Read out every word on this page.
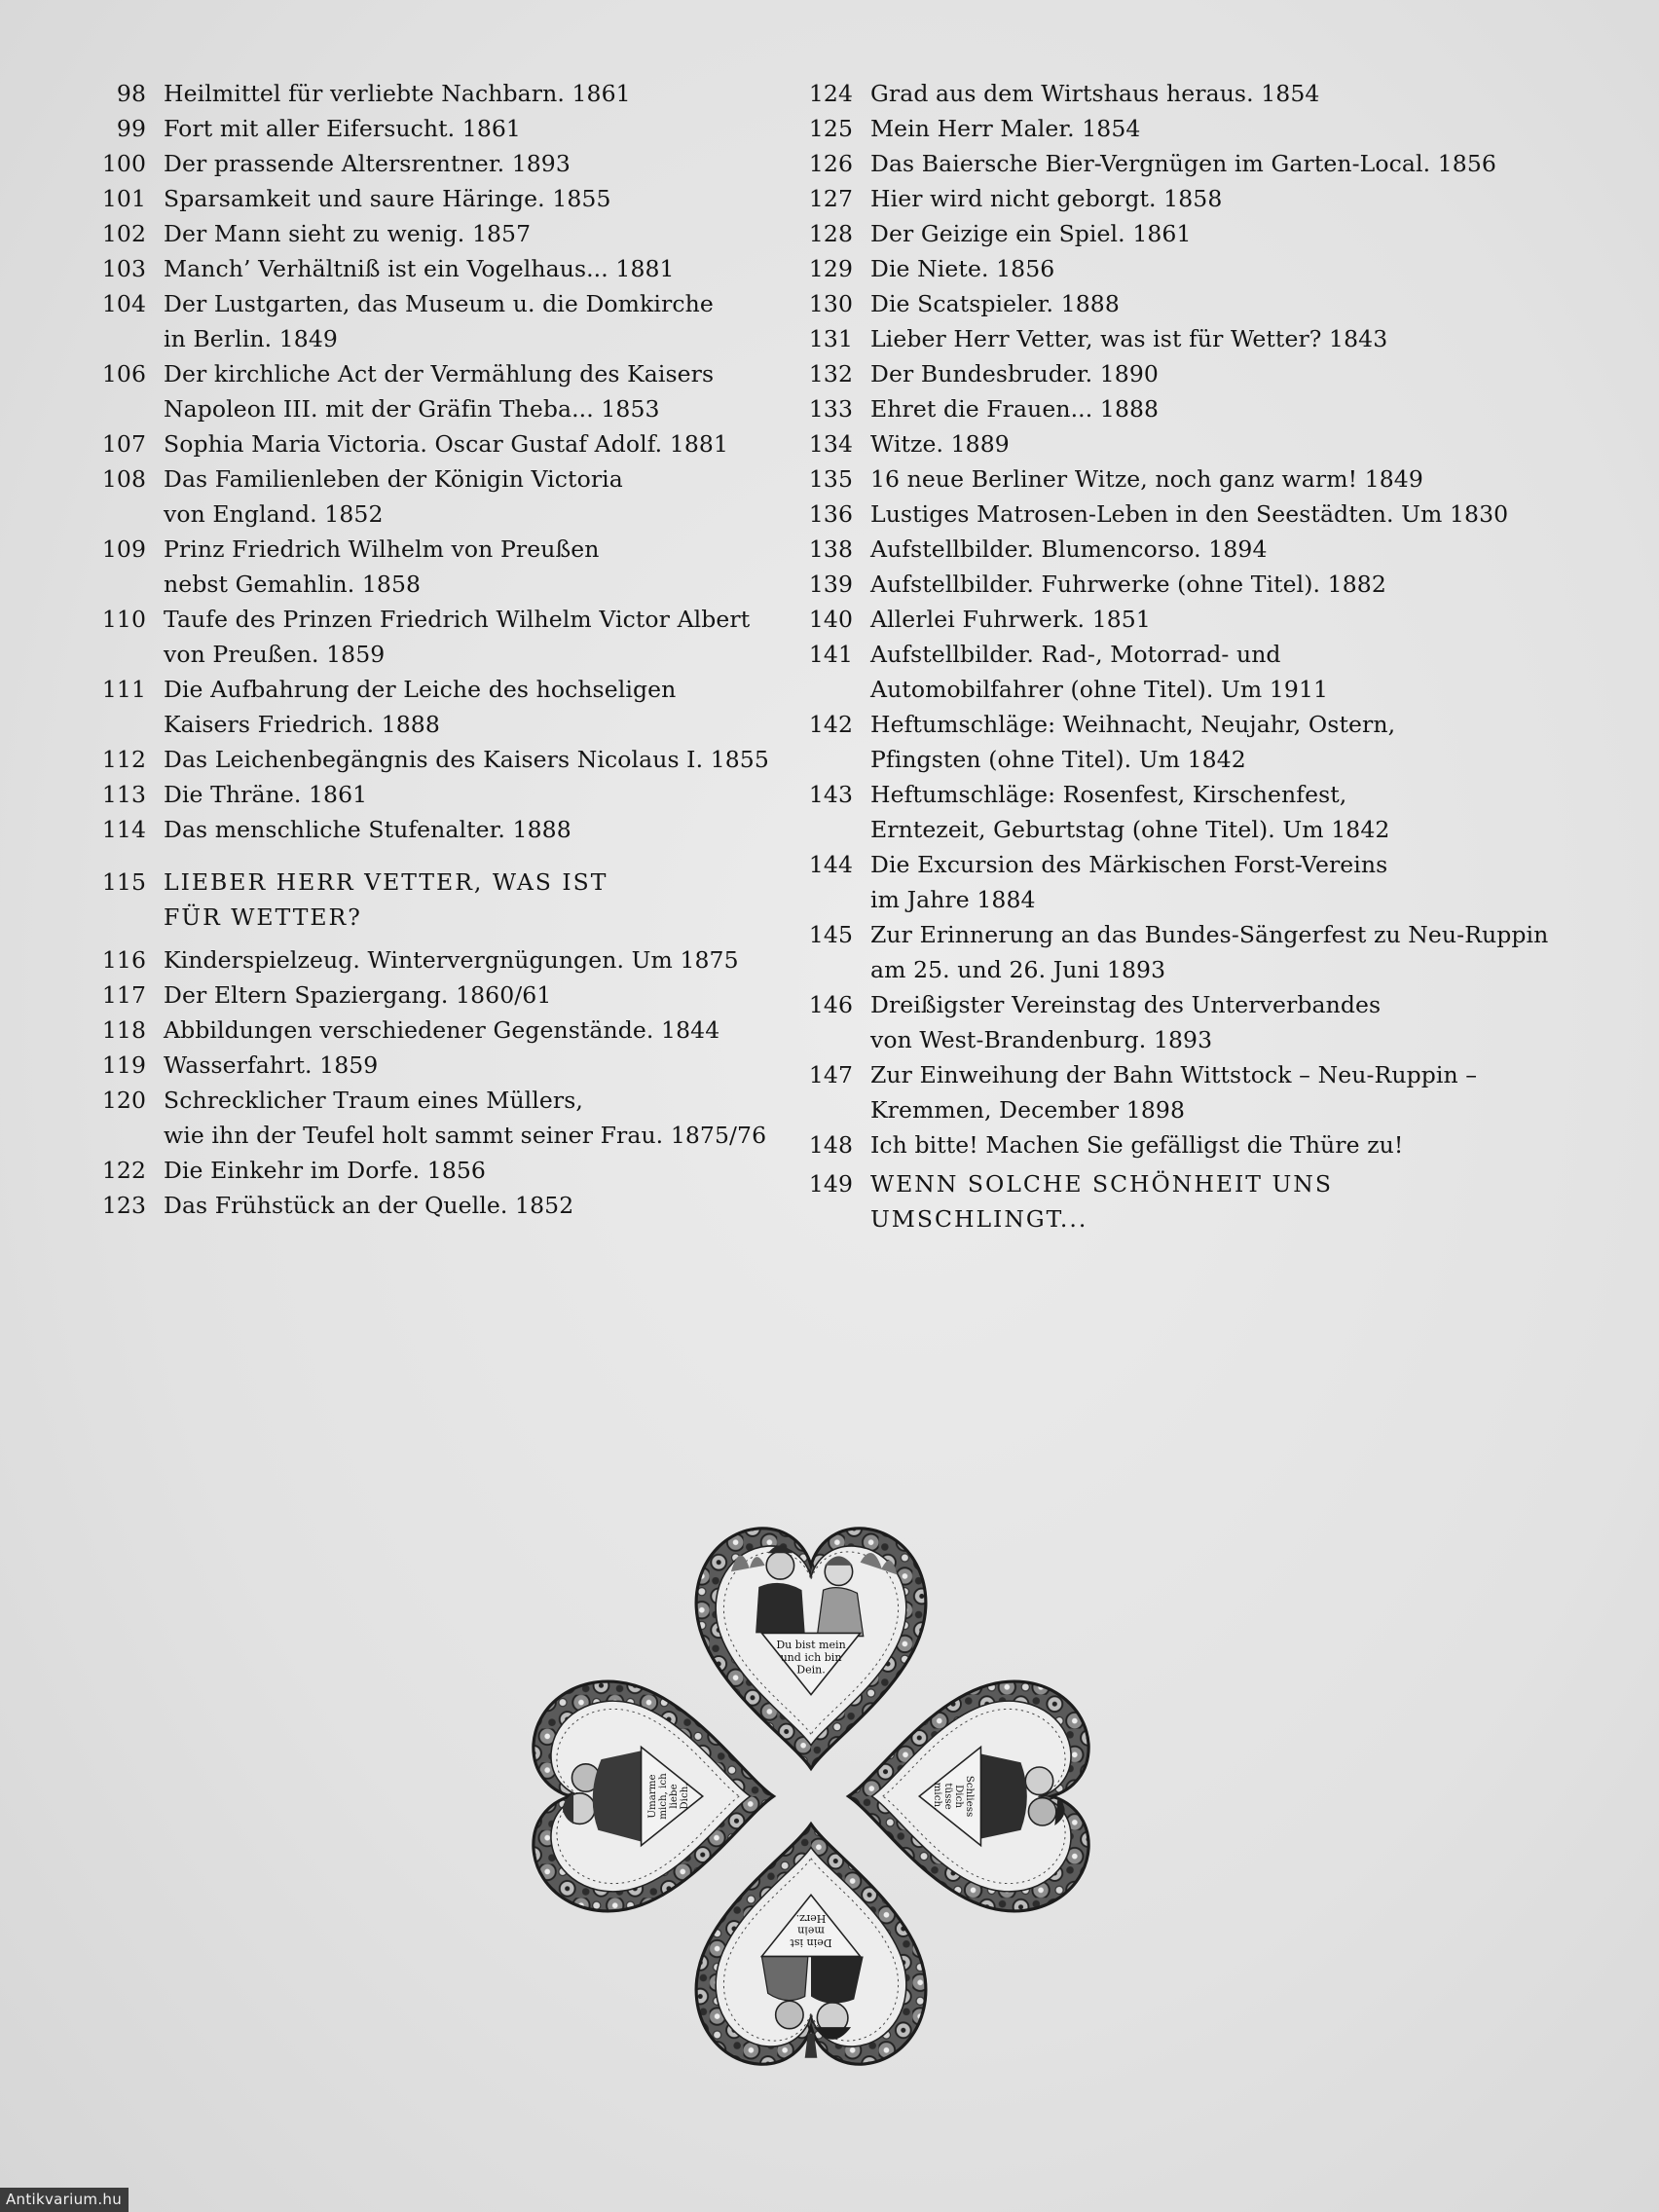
98 Heilmittel für verliebte Nachbarn. 1861
99 Fort mit aller Eifersucht. 1861
100 Der prassende Altersrentner. 1893
101 Sparsamkeit und saure Häringe. 1855
102 Der Mann sieht zu wenig. 1857
103 Manch’ Verhältniß ist ein Vogelhaus... 1881
104 Der Lustgarten, das Museum u. die Domkirche
in Berlin. 1849
106 Der kirchliche Act der Vermählung des Kaisers
Napoleon III. mit der Gräfin Theba... 1853
107 Sophia Maria Victoria. Oscar Gustaf Adolf. 1881
108 Das Familienleben der Königin Victoria
von England. 1852
109 Prinz Friedrich Wilhelm von Preußen
nebst Gemahlin. 1858
110 Taufe des Prinzen Friedrich Wilhelm Victor Albert
von Preußen. 1859
111 Die Aufbahrung der Leiche des hochseligen
Kaisers Friedrich. 1888
112 Das Leichenbegängnis des Kaisers Nicolaus I. 1855
113 Die Thräne. 1861
114 Das menschliche Stufenalter. 1888
115 LIEBER HERR VETTER, WAS IST
FÜR WETTER?
116 Kinderspielzeug. Wintervergnügungen. Um 1875
117 Der Eltern Spaziergang. 1860/61
118 Abbildungen verschiedener Gegenstände. 1844
119 Wasserfahrt. 1859
120 Schrecklicher Traum eines Müllers,
wie ihn der Teufel holt sammt seiner Frau. 1875/76
122 Die Einkehr im Dorfe. 1856
123 Das Frühstück an der Quelle. 1852
124 Grad aus dem Wirtshaus heraus. 1854
125 Mein Herr Maler. 1854
126 Das Baiersche Bier-Vergnügen im Garten-Local. 1856
127 Hier wird nicht geborgt. 1858
128 Der Geizige ein Spiel. 1861
129 Die Niete. 1856
130 Die Scatspieler. 1888
131 Lieber Herr Vetter, was ist für Wetter? 1843
132 Der Bundesbruder. 1890
133 Ehret die Frauen... 1888
134 Witze. 1889
135 16 neue Berliner Witze, noch ganz warm! 1849
136 Lustiges Matrosen-Leben in den Seestädten. Um 1830
138 Aufstellbilder. Blumencorso. 1894
139 Aufstellbilder. Fuhrwerke (ohne Titel). 1882
140 Allerlei Fuhrwerk. 1851
141 Aufstellbilder. Rad-, Motorrad- und
Automobilfahrer (ohne Titel). Um 1911
142 Heftumschläge: Weihnacht, Neujahr, Ostern,
Pfingsten (ohne Titel). Um 1842
143 Heftumschläge: Rosenfest, Kirschenfest,
Erntezeit, Geburtstag (ohne Titel). Um 1842
144 Die Excursion des Märkischen Forst-Vereins
im Jahre 1884
145 Zur Erinnerung an das Bundes-Sängerfest zu Neu-Ruppin
am 25. und 26. Juni 1893
146 Dreißigster Vereinstag des Unterverbandes
von West-Brandenburg. 1893
147 Zur Einweihung der Bahn Wittstock – Neu-Ruppin –
Kremmen, December 1898
148 Ich bitte! Machen Sie gefälligst die Thüre zu!
149 WENN SOLCHE SCHÖNHEIT UNS
UMSCHLINGT...
Du bist mein
und ich bin
Dein.
Umarme mich, ich liebe Dich.	Schliess
Dich
tüsse
mich.
Dein ist
mein
Herz.
Antikvarium.hu
